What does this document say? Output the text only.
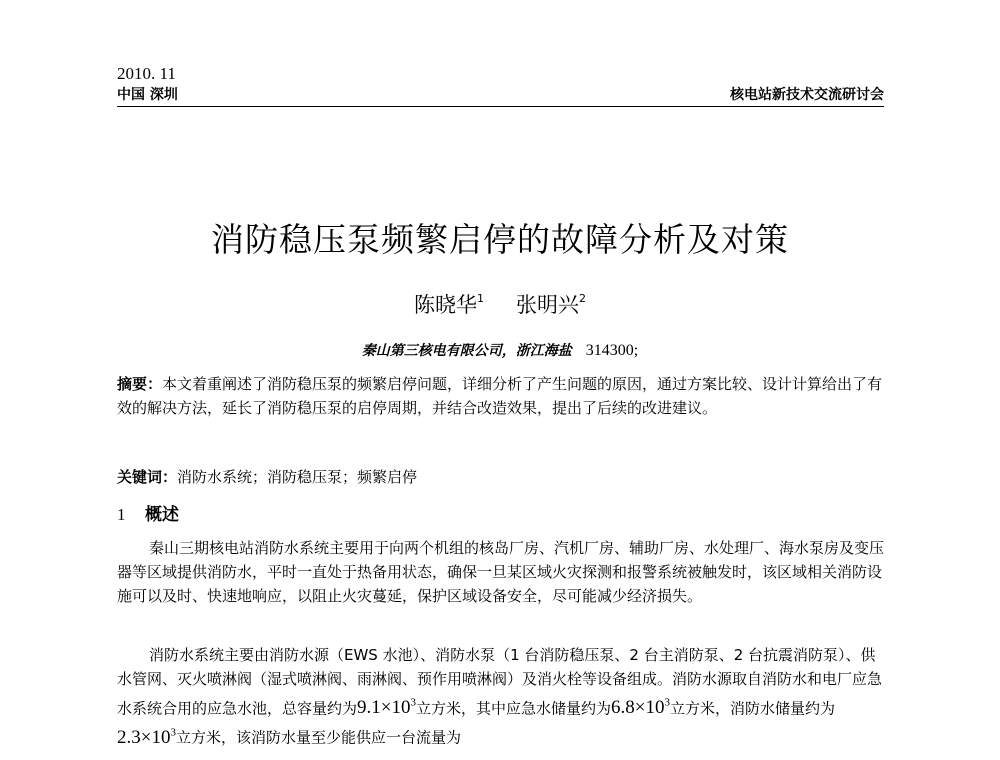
2010. 11
中国 深圳	核电站新技术交流研讨会
消防稳压泵频繁启停的故障分析及对策
陈晓华$^1$ 张明兴$^2$
秦山第三核电有限公司，浙江海盐 314300;
摘要：本文着重阐述了消防稳压泵的频繁启停问题，详细分析了产生问题的原因，通过方案比较、设计计算给出了有效的解决方法，延长了消防稳压泵的启停周期，并结合改造效果，提出了后续的改进建议。
关键词：消防水系统；消防稳压泵；频繁启停
1 概述
秦山三期核电站消防水系统主要用于向两个机组的核岛厂房、汽机厂房、辅助厂房、水处理厂、海水泵房及变压器等区域提供消防水，平时一直处于热备用状态，确保一旦某区域火灾探测和报警系统被触发时，该区域相关消防设施可以及时、快速地响应，以阻止火灾蔓延，保护区域设备安全，尽可能减少经济损失。
消防水系统主要由消防水源（EWS 水池）、消防水泵（1 台消防稳压泵、2 台主消防泵、2 台抗震消防泵）、供水管网、灭火喷淋阀（湿式喷淋阀、雨淋阀、预作用喷淋阀）及消火栓等设备组成。消防水源取自消防水和电厂应急水系统合用的应急水池，总容量约为$9.1\times 10^3$立方米，其中应急水储量约为$6.8\times 10^3$立方米，消防水储量约为$2.3\times 10^3$立方米，该消防水量至少能供应一台流量为
